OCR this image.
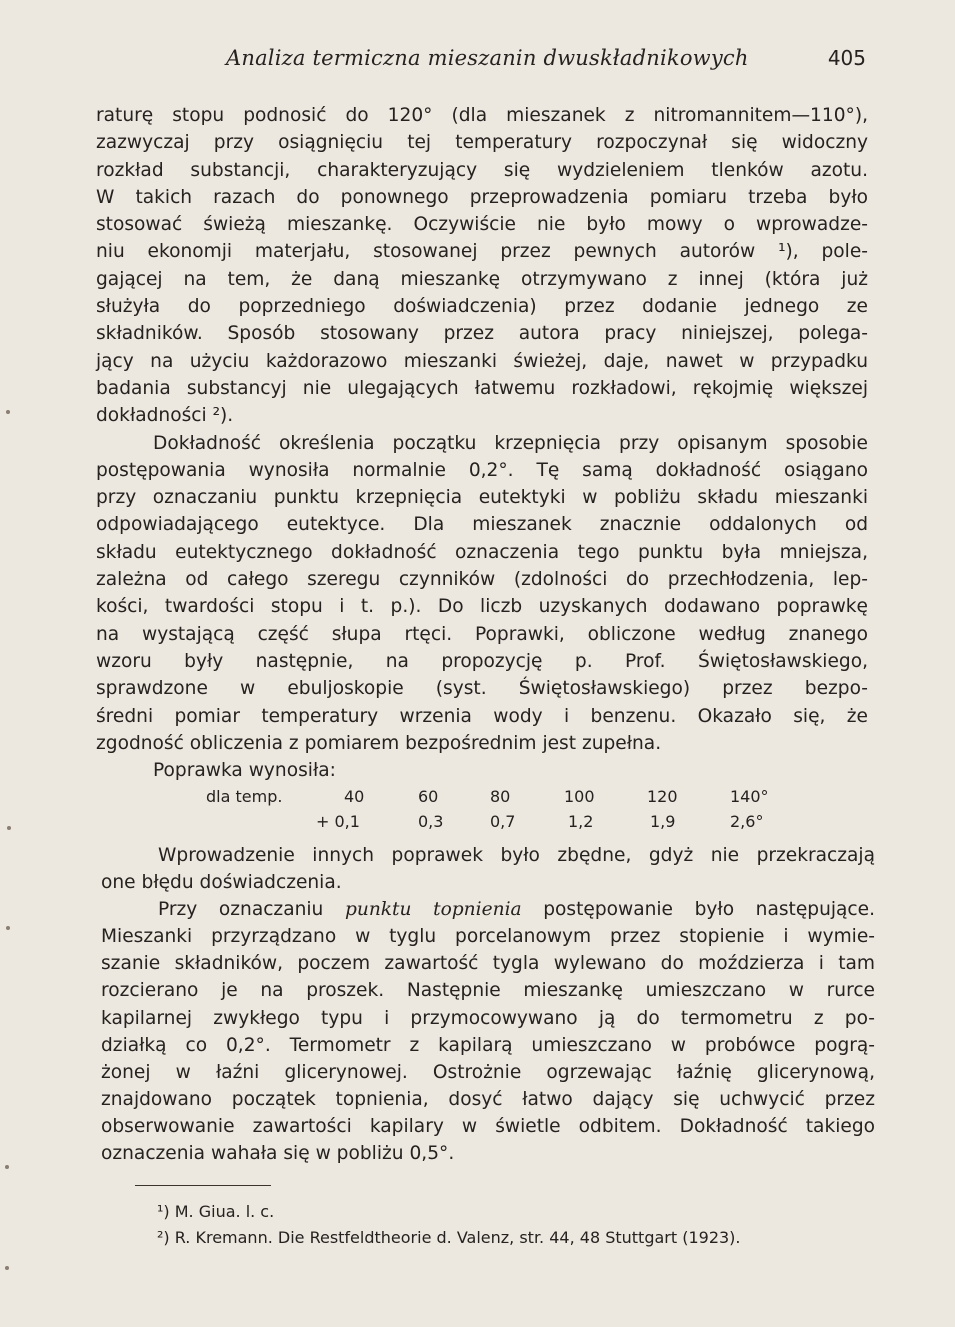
Analiza termiczna mieszanin dwuskładnikowych	405
raturę stopu podnosić do 120° (dla mieszanek z nitromannitem—110°),
zazwyczaj przy osiągnięciu tej temperatury rozpoczynał się widoczny
rozkład substancji, charakteryzujący się wydzieleniem tlenków azotu.
W takich razach do ponownego przeprowadzenia pomiaru trzeba było
stosować świeżą mieszankę. Oczywiście nie było mowy o wprowadze-
niu ekonomji materjału, stosowanej przez pewnych autorów ¹), pole-
gającej na tem, że daną mieszankę otrzymywano z innej (która już
służyła do poprzedniego doświadczenia) przez dodanie jednego ze
składników. Sposób stosowany przez autora pracy niniejszej, polega-
jący na użyciu każdorazowo mieszanki świeżej, daje, nawet w przypadku
badania substancyj nie ulegających łatwemu rozkładowi, rękojmię większej
dokładności ²).
Dokładność określenia początku krzepnięcia przy opisanym sposobie
postępowania wynosiła normalnie 0,2°. Tę samą dokładność osiągano
przy oznaczaniu punktu krzepnięcia eutektyki w pobliżu składu mieszanki
odpowiadającego eutektyce. Dla mieszanek znacznie oddalonych od
składu eutektycznego dokładność oznaczenia tego punktu była mniejsza,
zależna od całego szeregu czynników (zdolności do przechłodzenia, lep-
kości, twardości stopu i t. p.). Do liczb uzyskanych dodawano poprawkę
na wystającą część słupa rtęci. Poprawki, obliczone według znanego
wzoru były następnie, na propozycję p. Prof. Świętosławskiego,
sprawdzone w ebuljoskopie (syst. Świętosławskiego) przez bezpo-
średni pomiar temperatury wrzenia wody i benzenu. Okazało się, że
zgodność obliczenia z pomiarem bezpośrednim jest zupełna.
Poprawka wynosiła:
dla temp.	40	60	80	100	120	140°
+ 0,1	0,3	0,7	1,2	1,9	2,6°
Wprowadzenie innych poprawek było zbędne, gdyż nie przekraczają
one błędu doświadczenia.
Przy oznaczaniu punktu topnienia postępowanie było następujące.
Mieszanki przyrządzano w tyglu porcelanowym przez stopienie i wymie-
szanie składników, poczem zawartość tygla wylewano do moździerza i tam
rozcierano je na proszek. Następnie mieszankę umieszczano w rurce
kapilarnej zwykłego typu i przymocowywano ją do termometru z po-
działką co 0,2°. Termometr z kapilarą umieszczano w probówce pogrą-
żonej w łaźni glicerynowej. Ostrożnie ogrzewając łaźnię glicerynową,
znajdowano początek topnienia, dosyć łatwo dający się uchwycić przez
obserwowanie zawartości kapilary w świetle odbitem. Dokładność takiego
oznaczenia wahała się w pobliżu 0,5°.
¹) M. Giua. l. c.
²) R. Kremann. Die Restfeldtheorie d. Valenz, str. 44, 48 Stuttgart (1923).
